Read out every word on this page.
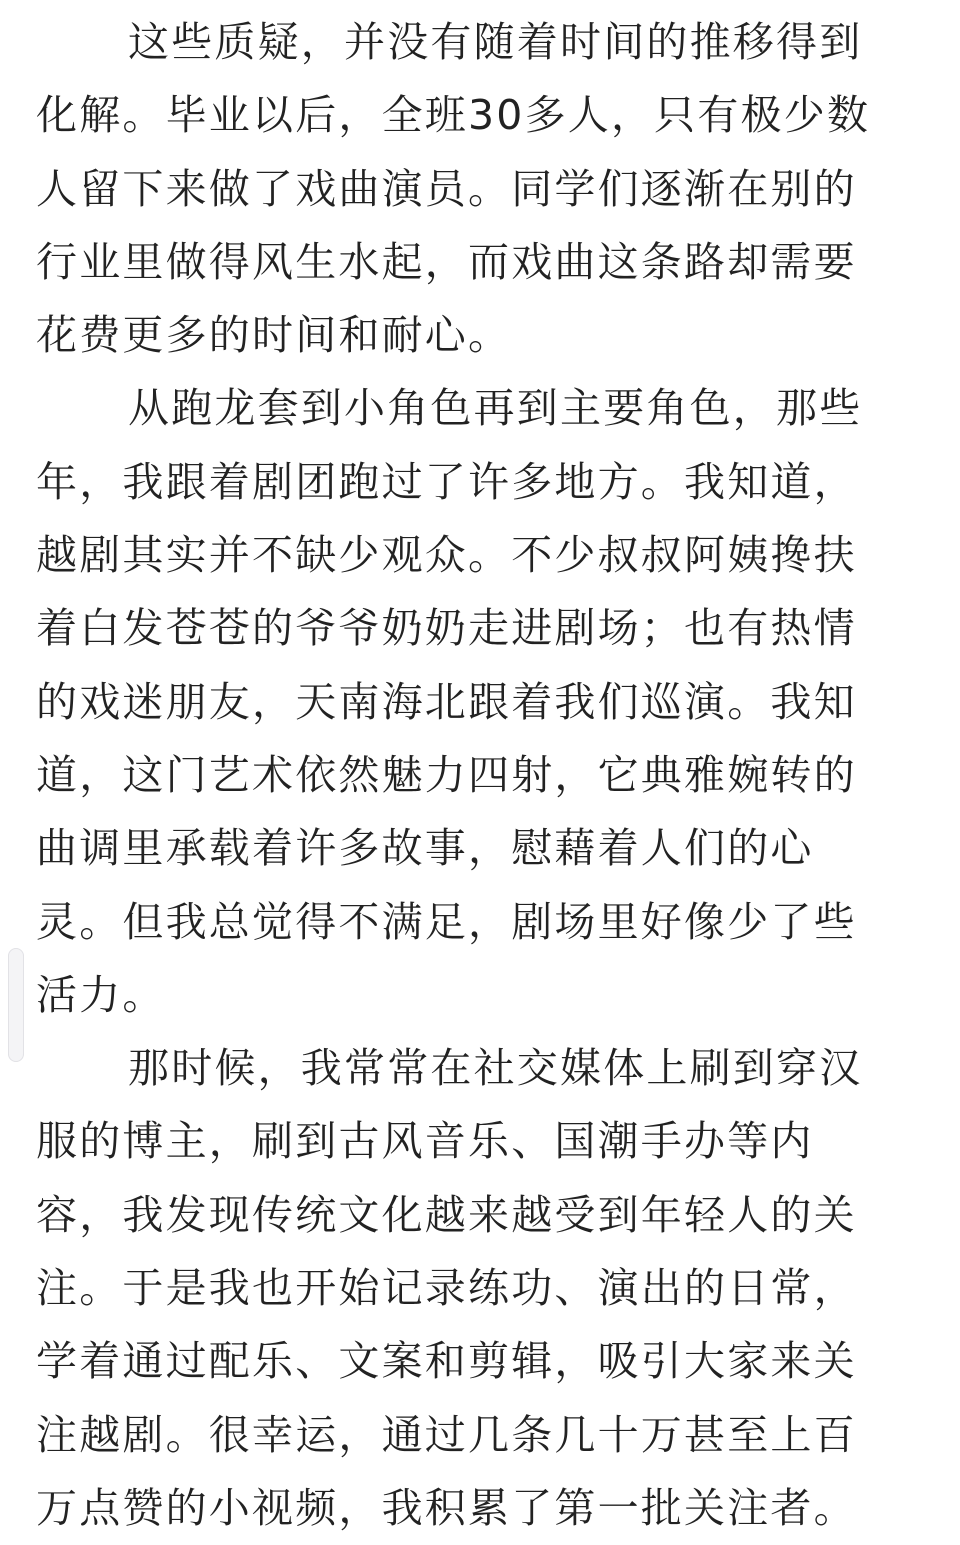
这些质疑，并没有随着时间的推移得到
化解。毕业以后，全班30多人，只有极少数
人留下来做了戏曲演员。同学们逐渐在别的
行业里做得风生水起，而戏曲这条路却需要
花费更多的时间和耐心。
从跑龙套到小角色再到主要角色，那些
年，我跟着剧团跑过了许多地方。我知道，
越剧其实并不缺少观众。不少叔叔阿姨搀扶
着白发苍苍的爷爷奶奶走进剧场；也有热情
的戏迷朋友，天南海北跟着我们巡演。我知
道，这门艺术依然魅力四射，它典雅婉转的
曲调里承载着许多故事，慰藉着人们的心
灵。但我总觉得不满足，剧场里好像少了些
活力。
那时候，我常常在社交媒体上刷到穿汉
服的博主，刷到古风音乐、国潮手办等内
容，我发现传统文化越来越受到年轻人的关
注。于是我也开始记录练功、演出的日常，
学着通过配乐、文案和剪辑，吸引大家来关
注越剧。很幸运，通过几条几十万甚至上百
万点赞的小视频，我积累了第一批关注者。
